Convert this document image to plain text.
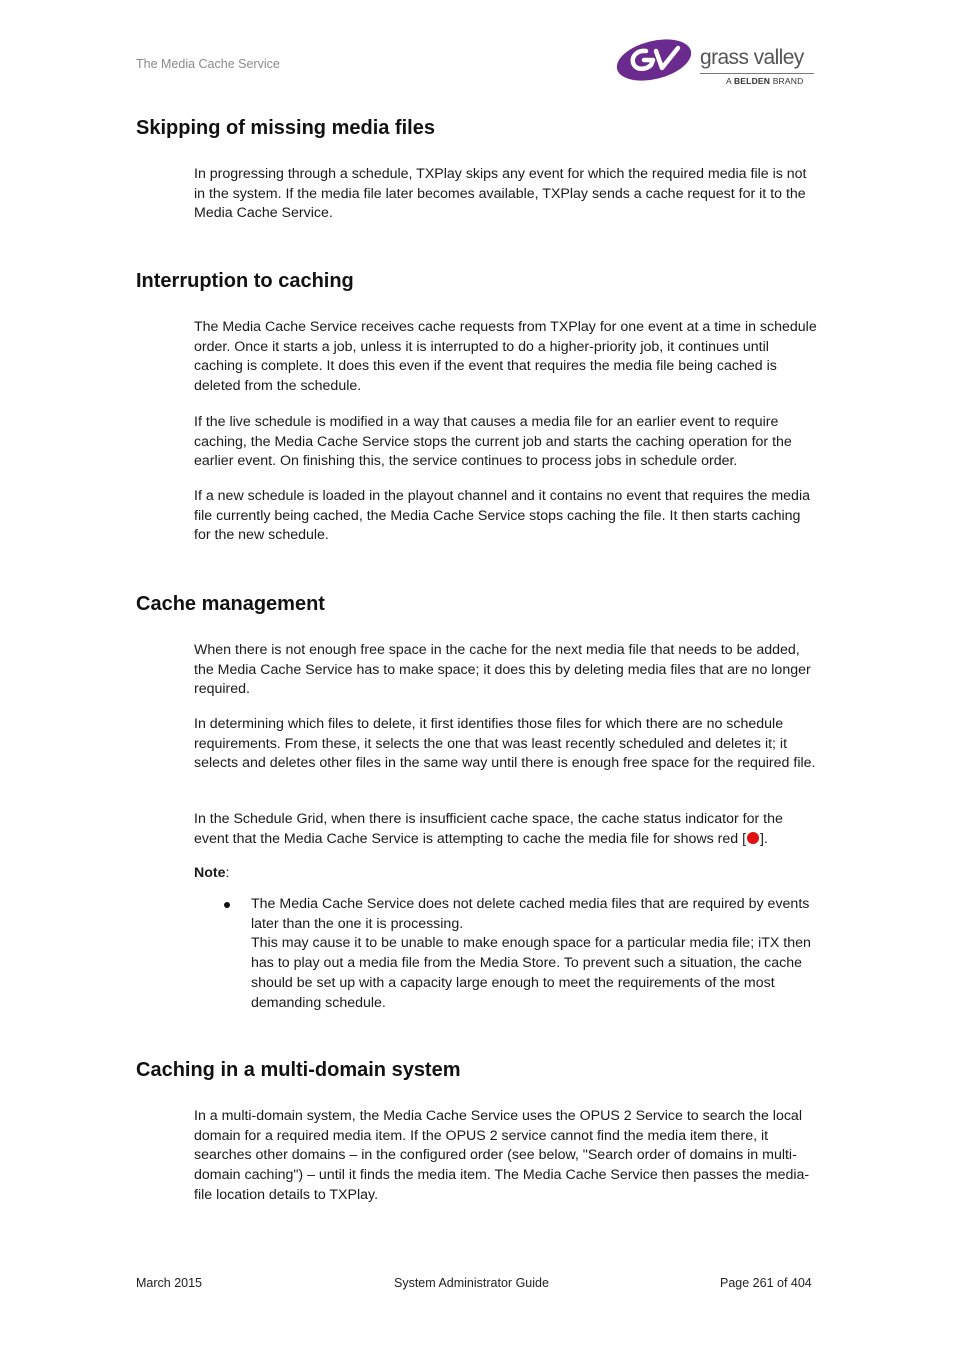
The Media Cache Service	grass valley
A BELDEN BRAND
Skipping of missing media files

In progressing through a schedule, TXPlay skips any event for which the required media file is not in the system. If the media file later becomes available, TXPlay sends a cache request for it to the Media Cache Service.

Interruption to caching

The Media Cache Service receives cache requests from TXPlay for one event at a time in schedule order. Once it starts a job, unless it is interrupted to do a higher-priority job, it continues until caching is complete. It does this even if the event that requires the media file being cached is deleted from the schedule.

If the live schedule is modified in a way that causes a media file for an earlier event to require caching, the Media Cache Service stops the current job and starts the caching operation for the earlier event. On finishing this, the service continues to process jobs in schedule order.

If a new schedule is loaded in the playout channel and it contains no event that requires the media file currently being cached, the Media Cache Service stops caching the file. It then starts caching for the new schedule.

Cache management

When there is not enough free space in the cache for the next media file that needs to be added, the Media Cache Service has to make space; it does this by deleting media files that are no longer required.

In determining which files to delete, it first identifies those files for which there are no schedule requirements. From these, it selects the one that was least recently scheduled and deletes it; it selects and deletes other files in the same way until there is enough free space for the required file.

In the Schedule Grid, when there is insufficient cache space, the cache status indicator for the event that the Media Cache Service is attempting to cache the media file for shows red [ ].

Note:

The Media Cache Service does not delete cached media files that are required by events later than the one it is processing.
This may cause it to be unable to make enough space for a particular media file; iTX then has to play out a media file from the Media Store. To prevent such a situation, the cache should be set up with a capacity large enough to meet the requirements of the most demanding schedule.

Caching in a multi-domain system

In a multi-domain system, the Media Cache Service uses the OPUS 2 Service to search the local domain for a required media item. If the OPUS 2 service cannot find the media item there, it searches other domains – in the configured order (see below, "Search order of domains in multi-domain caching") – until it finds the media item. The Media Cache Service then passes the media-file location details to TXPlay.

March 2015	System Administrator Guide	Page 261 of 404
